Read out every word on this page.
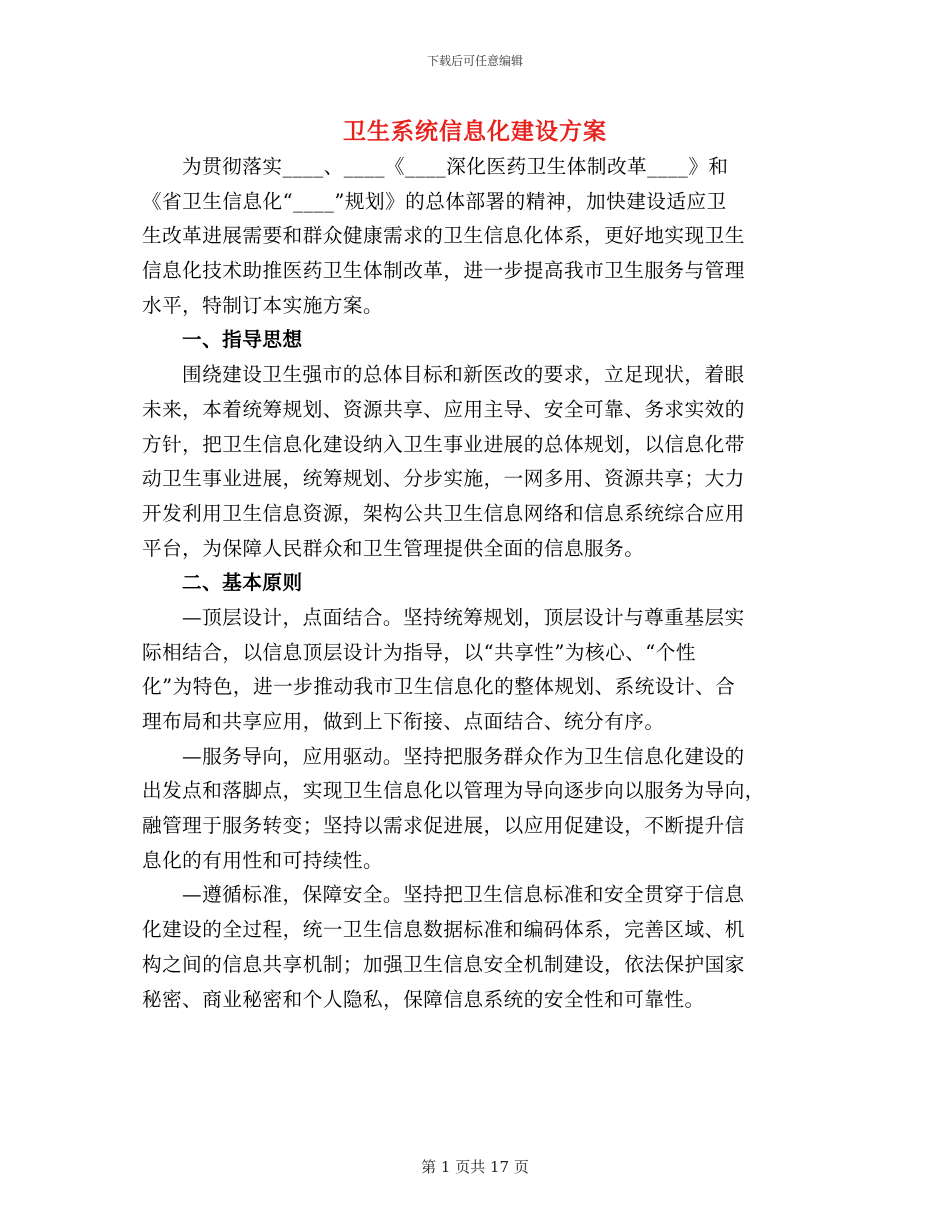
下载后可任意编辑
卫生系统信息化建设方案
为贯彻落实____、____《____深化医药卫生体制改革____》和
《省卫生信息化“____”规划》的总体部署的精神，加快建设适应卫
生改革进展需要和群众健康需求的卫生信息化体系，更好地实现卫生
信息化技术助推医药卫生体制改革，进一步提高我市卫生服务与管理
水平，特制订本实施方案。
一、指导思想
围绕建设卫生强市的总体目标和新医改的要求，立足现状，着眼
未来，本着统筹规划、资源共享、应用主导、安全可靠、务求实效的
方针，把卫生信息化建设纳入卫生事业进展的总体规划，以信息化带
动卫生事业进展，统筹规划、分步实施，一网多用、资源共享；大力
开发利用卫生信息资源，架构公共卫生信息网络和信息系统综合应用
平台，为保障人民群众和卫生管理提供全面的信息服务。
二、基本原则
—顶层设计，点面结合。坚持统筹规划，顶层设计与尊重基层实
际相结合，以信息顶层设计为指导，以“共享性”为核心、“个性
化”为特色，进一步推动我市卫生信息化的整体规划、系统设计、合
理布局和共享应用，做到上下衔接、点面结合、统分有序。
—服务导向，应用驱动。坚持把服务群众作为卫生信息化建设的
出发点和落脚点，实现卫生信息化以管理为导向逐步向以服务为导向，
融管理于服务转变；坚持以需求促进展，以应用促建设，不断提升信
息化的有用性和可持续性。
—遵循标准，保障安全。坚持把卫生信息标准和安全贯穿于信息
化建设的全过程，统一卫生信息数据标准和编码体系，完善区域、机
构之间的信息共享机制；加强卫生信息安全机制建设，依法保护国家
秘密、商业秘密和个人隐私，保障信息系统的安全性和可靠性。
第 1 页共 17 页
